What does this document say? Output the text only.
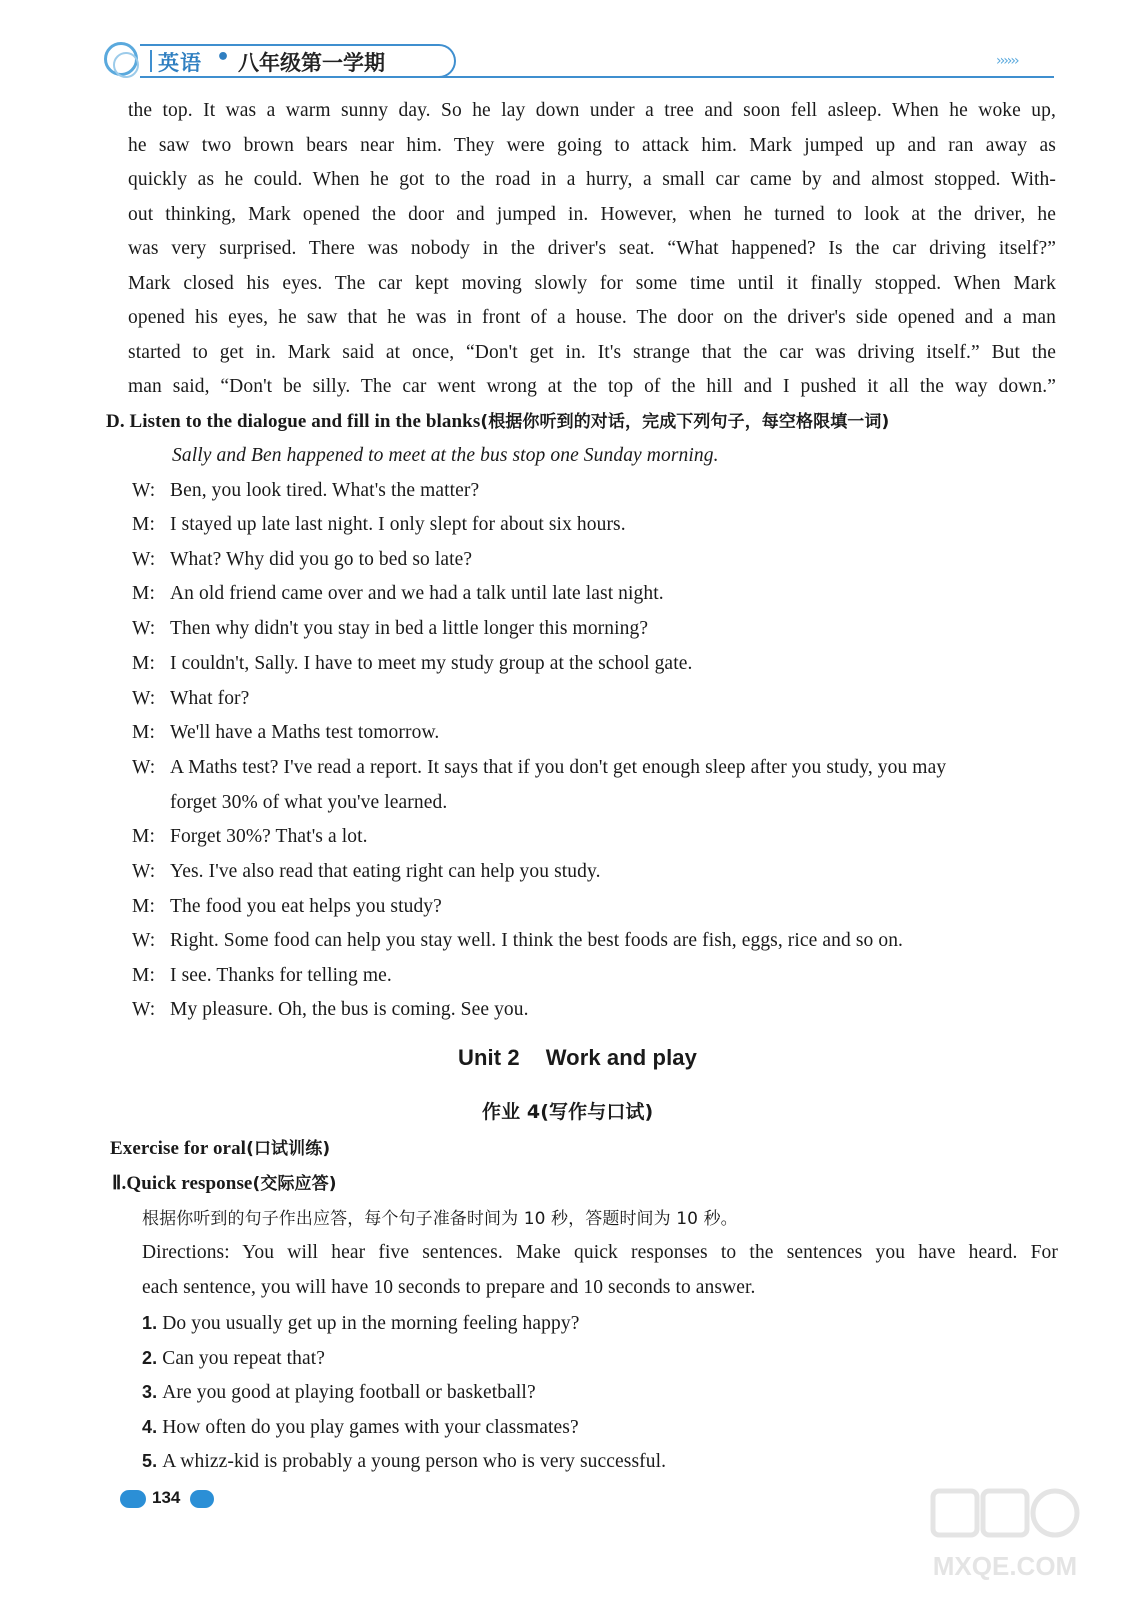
英语 • 八年级第一学期	››››››
the top. It was a warm sunny day. So he lay down under a tree and soon fell asleep. When he woke up,
he saw two brown bears near him. They were going to attack him. Mark jumped up and ran away as
quickly as he could. When he got to the road in a hurry, a small car came by and almost stopped. With-
out thinking, Mark opened the door and jumped in. However, when he turned to look at the driver, he
was very surprised. There was nobody in the driver's seat. “What happened? Is the car driving itself?”
Mark closed his eyes. The car kept moving slowly for some time until it finally stopped. When Mark
opened his eyes, he saw that he was in front of a house. The door on the driver's side opened and a man
started to get in. Mark said at once, “Don't get in. It's strange that the car was driving itself.” But the
man said, “Don't be silly. The car went wrong at the top of the hill and I pushed it all the way down.”
D. Listen to the dialogue and fill in the blanks(根据你听到的对话，完成下列句子，每空格限填一词)
Sally and Ben happened to meet at the bus stop one Sunday morning.
W: Ben, you look tired. What's the matter?
M: I stayed up late last night. I only slept for about six hours.
W: What? Why did you go to bed so late?
M: An old friend came over and we had a talk until late last night.
W: Then why didn't you stay in bed a little longer this morning?
M: I couldn't, Sally. I have to meet my study group at the school gate.
W: What for?
M: We'll have a Maths test tomorrow.
W: A Maths test? I've read a report. It says that if you don't get enough sleep after you study, you may
forget 30% of what you've learned.
M: Forget 30%? That's a lot.
W: Yes. I've also read that eating right can help you study.
M: The food you eat helps you study?
W: Right. Some food can help you stay well. I think the best foods are fish, eggs, rice and so on.
M: I see. Thanks for telling me.
W: My pleasure. Oh, the bus is coming. See you.
Unit 2 Work and play
作业 4(写作与口试)
Exercise for oral(口试训练)
Ⅱ.Quick response(交际应答)
根据你听到的句子作出应答，每个句子准备时间为 10 秒，答题时间为 10 秒。
Directions: You will hear five sentences. Make quick responses to the sentences you have heard. For
each sentence, you will have 10 seconds to prepare and 10 seconds to answer.
1. Do you usually get up in the morning feeling happy?
2. Can you repeat that?
3. Are you good at playing football or basketball?
4. How often do you play games with your classmates?
5. A whizz-kid is probably a young person who is very successful.
134
MXQE.COM
